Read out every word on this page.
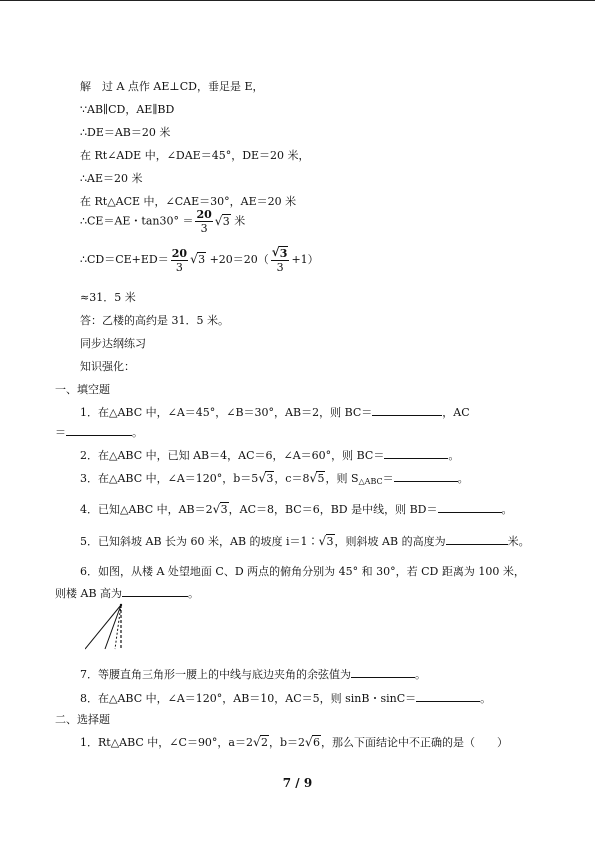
解　过 A 点作 AE⊥CD，垂足是 E，
∵AB∥CD，AE∥BD
∴DE＝AB＝20 米
在 Rt∠ADE 中，∠DAE＝45°，DE＝20 米，
∴AE＝20 米
在 Rt△ACE 中，∠CAE＝30°，AE＝20 米
∴CE＝AE・$\tan 30^\circ = \frac{20}{3}$ √ 3 米
∴CD＝CE+ED＝ $\frac{20}{3}$ √ 3 +20＝20（ √ $\frac{3}{3} +1$）
≈31．5 米
答：乙楼的高约是 31．5 米。
同步达纲练习
知识强化：
一、填空题
1．在△ABC 中，∠A＝45°，∠B＝30°，AB＝2，则 BC＝	，AC
＝	。
2．在△ABC 中，已知 AB＝4，AC＝6，∠A＝60°，则 BC＝	。
3．在△ABC 中，∠A＝120°，b＝5 √ 3，c＝8 √ 5，则 $S_{\triangle ABC}=$	。
4．已知△ABC 中，AB＝2 √ 3，AC＝8，BC＝6，BD 是中线，则 BD＝	。
5．已知斜坡 AB 长为 60 米，AB 的坡度 i＝1∶ √ 3，则斜坡 AB 的高度为	米。
6．如图，从楼 A 处望地面 C、D 两点的俯角分别为 45° 和 30°，若 CD 距离为 100 米，
则楼 AB 高为	。
7．等腰直角三角形一腰上的中线与底边夹角的余弦值为	。
8．在△ABC 中，∠A＝120°，AB＝10，AC＝5，则 sinB・sinC＝	。
二、选择题
1．Rt△ABC 中，∠C＝90°，a＝2 √ 2，b＝2 √ 6，那么下面结论中不正确的是（　　）
7 / 9
